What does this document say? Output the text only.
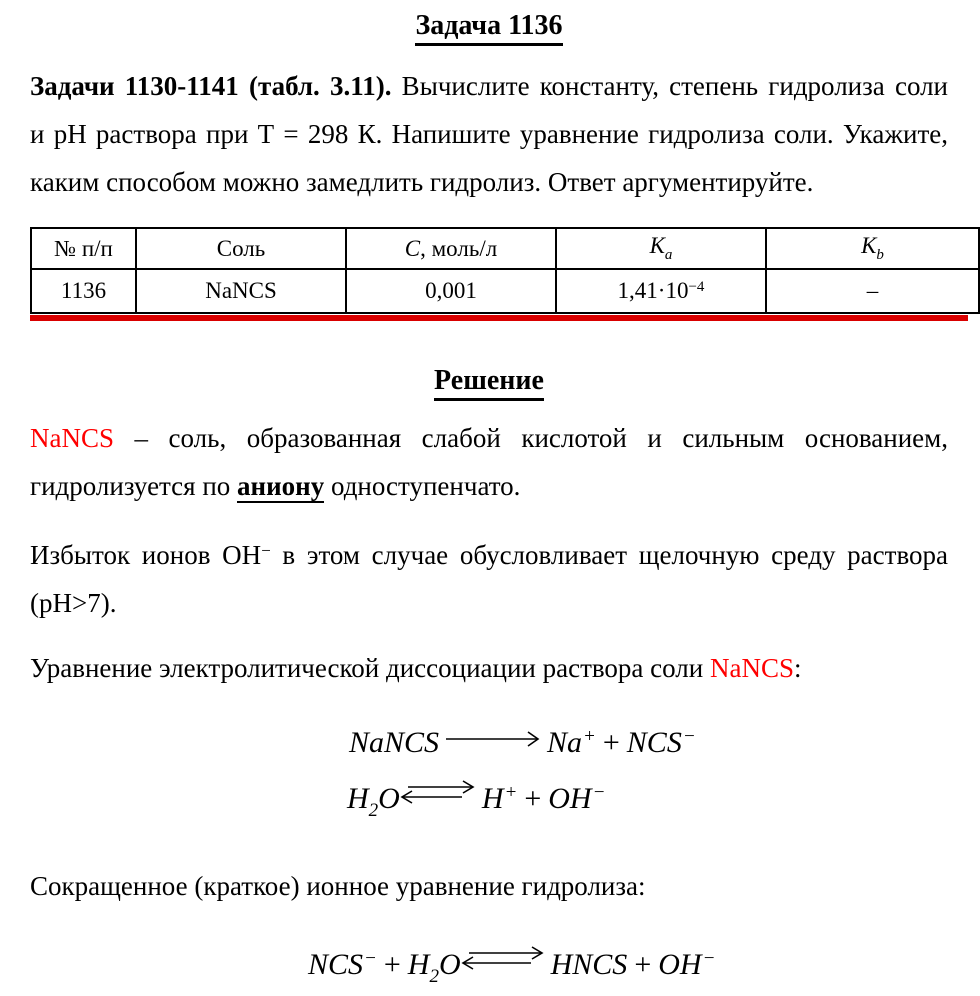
Задача 1136
Задачи 1130-1141 (табл. 3.11). Вычислите константу, степень гидролиза соли
и рН раствора при Т = 298 К. Напишите уравнение гидролиза соли. Укажите,
каким способом можно замедлить гидролиз. Ответ аргументируйте.
№ п/п	Соль	С, моль/л	$K_a$	$K_b$
1136	NaNCS	0,001	$1,41\cdot 10^{-4}$	–
Решение
NaNCS – соль, образованная слабой кислотой и сильным основанием,
гидролизуется по аниону одноступенчато.
Избыток ионов ОН− в этом случае обусловливает щелочную среду раствора
(рН>7).
Уравнение электролитической диссоциации раствора соли NaNCS:
NaNCS	Na+ + NCS−
$H_2O\rightleftharpoons$ H+ + OH−
Сокращенное (краткое) ионное уравнение гидролиза:
$NCS^- + H_2O\rightleftharpoons$ HNCS + OH−
